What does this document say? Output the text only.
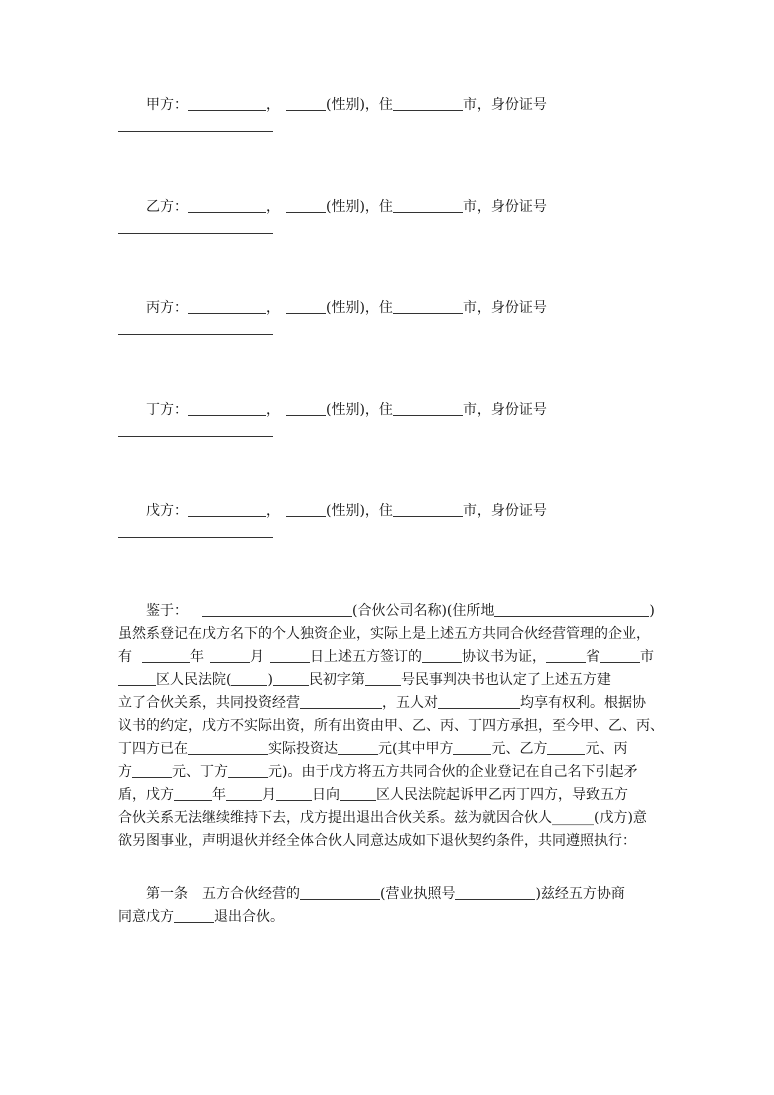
甲方：	，	(性别)，住	市，身份证号
乙方：	，	(性别)，住	市，身份证号
丙方：	，	(性别)，住	市，身份证号
丁方：	，	(性别)，住	市，身份证号
戊方：	，	(性别)，住	市，身份证号
鉴于：	(合伙公司名称)(住所地	)
虽然系登记在戊方名下的个人独资企业，实际上是上述五方共同合伙经营管理的企业，
有	年	月	日上述五方签订的	协议书为证，	省	市
区人民法院(	)	民初字第	号民事判决书也认定了上述五方建
立了合伙关系，共同投资经营	，五人对	均享有权利。根据协
议书的约定，戊方不实际出资，所有出资由甲、乙、丙、丁四方承担，至今甲、乙、丙、
丁四方已在	实际投资达	元(其中甲方	元、乙方	元、丙
方	元、丁方	元)。由于戊方将五方共同合伙的企业登记在自己名下引起矛
盾，戊方	年	月	日向	区人民法院起诉甲乙丙丁四方，导致五方
合伙关系无法继续维持下去，戊方提出退出合伙关系。兹为就因合伙人______(戊方)意
欲另图事业，声明退伙并经全体合伙人同意达成如下退伙契约条件，共同遵照执行：
第一条　五方合伙经营的	(营业执照号	)兹经五方协商
同意戊方	退出合伙。
